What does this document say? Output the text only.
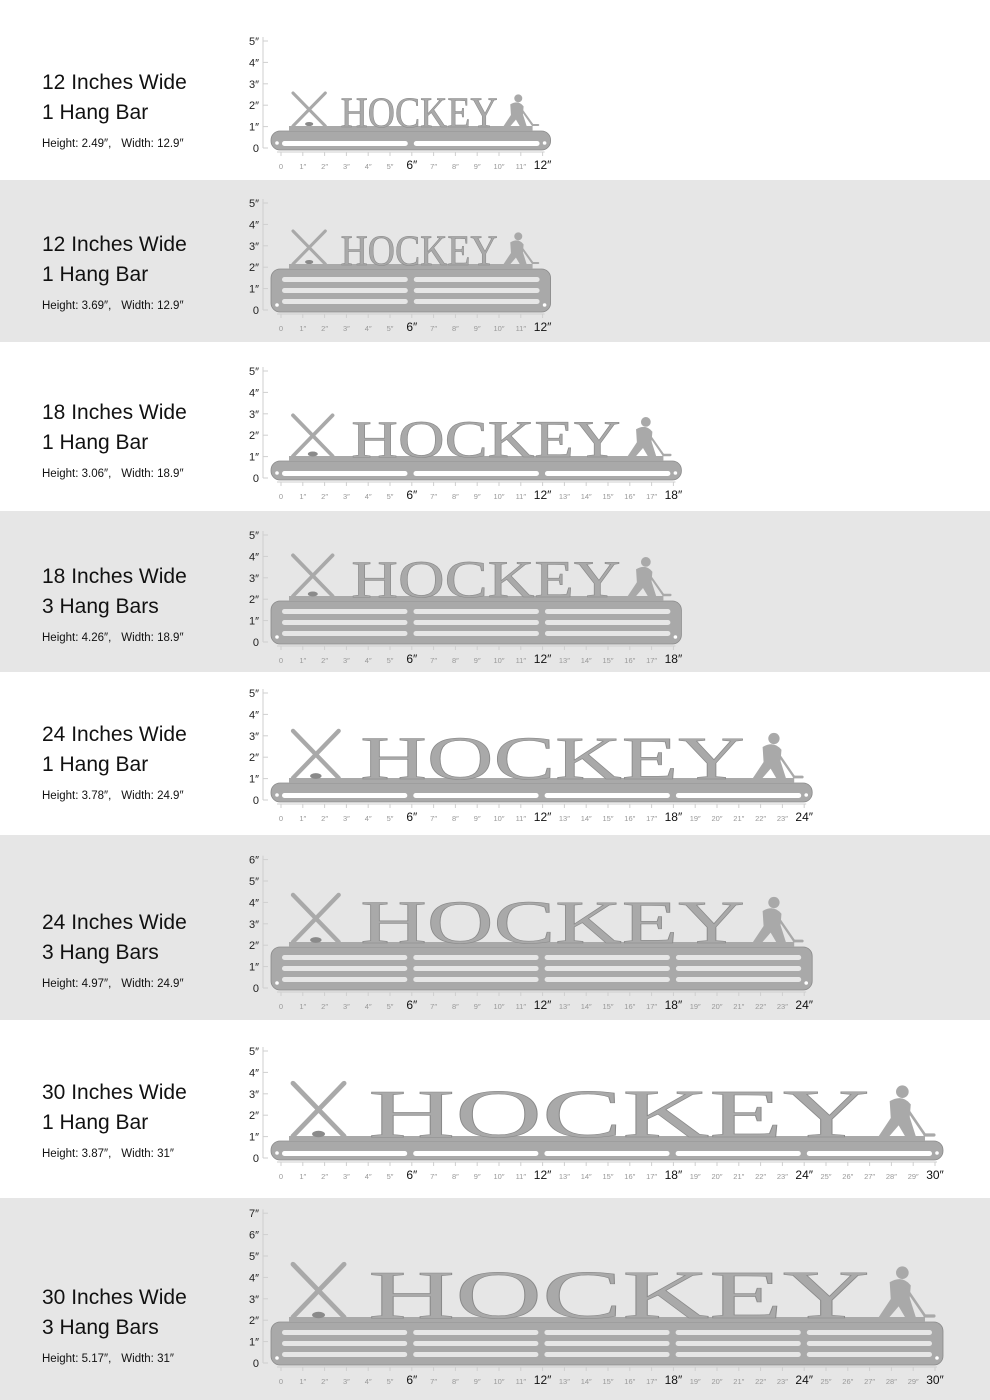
12 Inches Wide
1 Hang Bar
Height: 2.49″, Width: 12.9″	0
1″
2″
3″
4″
5″
0 1″ 2″ 3″ 4″ 5″ 6″ 7″ 8″ 9″ 10″ 11″ 12″
HOCKEY
12 Inches Wide
1 Hang Bar
Height: 3.69″, Width: 12.9″	0
1″
2″
3″
4″
5″
0 1″ 2″ 3″ 4″ 5″ 6″ 7″ 8″ 9″ 10″ 11″ 12″
HOCKEY
18 Inches Wide
1 Hang Bar
Height: 3.06″, Width: 18.9″	0
1″
2″
3″
4″
5″
0 1″ 2″ 3″ 4″ 5″ 6″ 7″ 8″ 9″ 10″ 11″ 12″ 13″ 14″ 15″ 16″ 17″ 18″
HOCKEY
18 Inches Wide
3 Hang Bars
Height: 4.26″, Width: 18.9″	0
1″
2″
3″
4″
5″
0 1″ 2″ 3″ 4″ 5″ 6″ 7″ 8″ 9″ 10″ 11″ 12″ 13″ 14″ 15″ 16″ 17″ 18″
HOCKEY
24 Inches Wide
1 Hang Bar
Height: 3.78″, Width: 24.9″	0
1″
2″
3″
4″
5″
0 1″ 2″ 3″ 4″ 5″ 6″ 7″ 8″ 9″ 10″ 11″ 12″ 13″ 14″ 15″ 16″ 17″ 18″ 19″ 20″ 21″ 22″ 23″ 24″
HOCKEY
24 Inches Wide
3 Hang Bars
Height: 4.97″, Width: 24.9″	0
1″
2″
3″
4″
5″
6″
0 1″ 2″ 3″ 4″ 5″ 6″ 7″ 8″ 9″ 10″ 11″ 12″ 13″ 14″ 15″ 16″ 17″ 18″ 19″ 20″ 21″ 22″ 23″ 24″
HOCKEY
30 Inches Wide
1 Hang Bar
Height: 3.87″, Width: 31″	0
1″
2″
3″
4″
5″
0 1″ 2″ 3″ 4″ 5″ 6″ 7″ 8″ 9″ 10″ 11″ 12″ 13″ 14″ 15″ 16″ 17″ 18″ 19″ 20″ 21″ 22″ 23″ 24″ 25″ 26″ 27″ 28″ 29″ 30″
HOCKEY
30 Inches Wide
3 Hang Bars
Height: 5.17″, Width: 31″	0
1″
2″
3″
4″
5″
6″
7″
0 1″ 2″ 3″ 4″ 5″ 6″ 7″ 8″ 9″ 10″ 11″ 12″ 13″ 14″ 15″ 16″ 17″ 18″ 19″ 20″ 21″ 22″ 23″ 24″ 25″ 26″ 27″ 28″ 29″ 30″
HOCKEY
